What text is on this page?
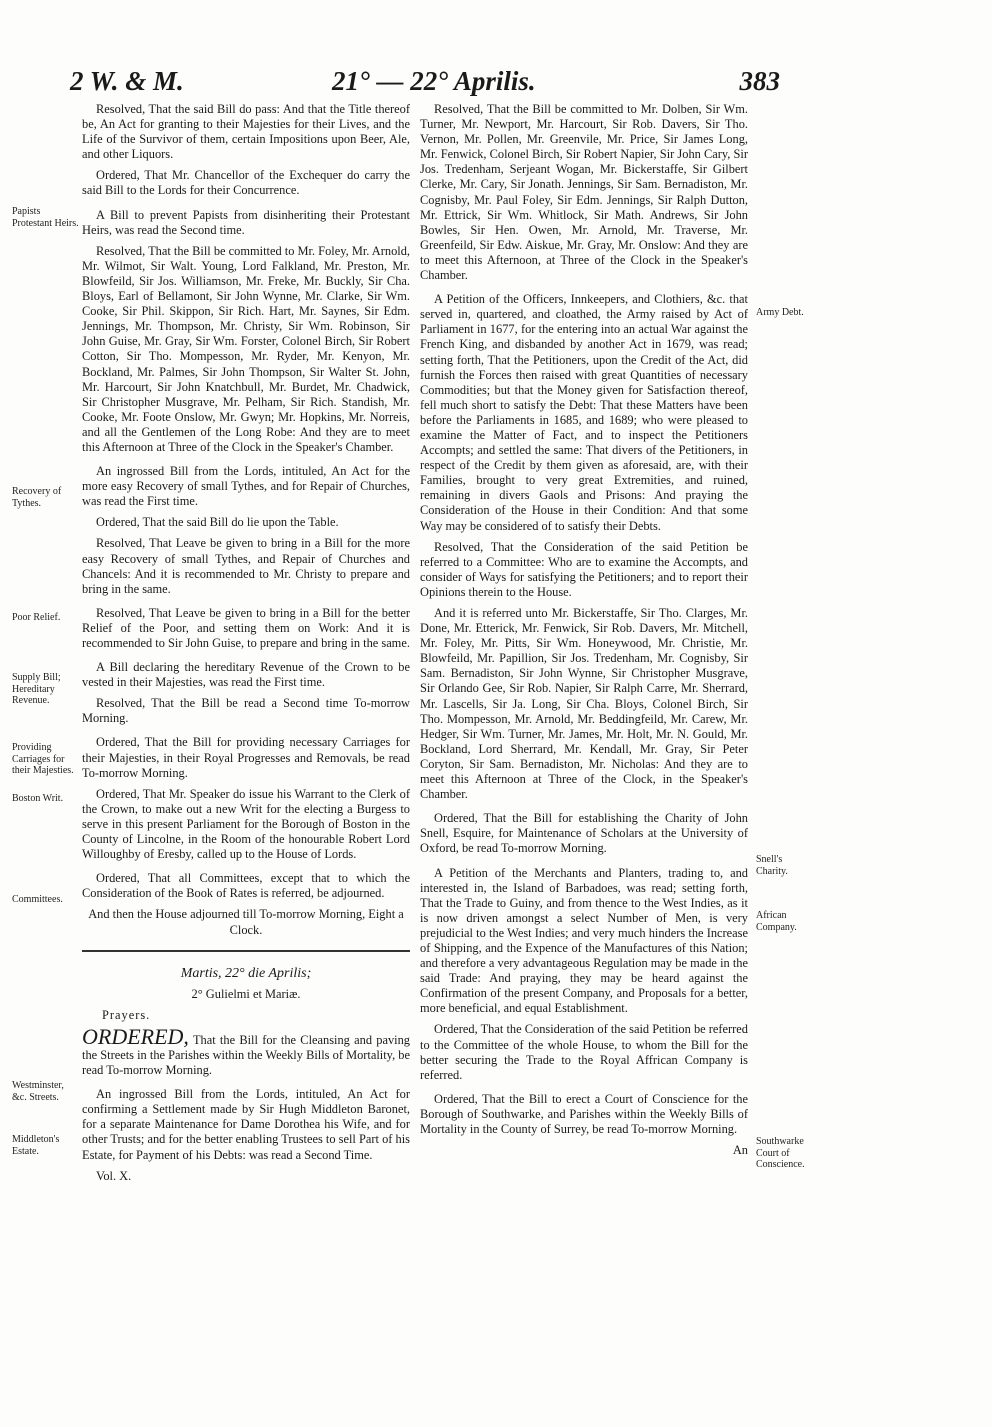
2 W. & M.	21° — 22° Aprilis.	383
Papists Protestant Heirs.
Recovery of Tythes.
Poor Relief.
Supply Bill; Hereditary Revenue.
Providing Carriages for their Majesties.
Boston Writ.
Committees.
Westminster, &c. Streets.
Middleton's Estate.
Army Debt.
Snell's Charity.
African Company.
Southwarke Court of Conscience.

Resolved, That the said Bill do pass: And that the Title thereof be, An Act for granting to their Majesties for their Lives, and the Life of the Survivor of them, certain Impositions upon Beer, Ale, and other Liquors.

Ordered, That Mr. Chancellor of the Exchequer do carry the said Bill to the Lords for their Concurrence.

A Bill to prevent Papists from disinheriting their Protestant Heirs, was read the Second time.

Resolved, That the Bill be committed to Mr. Foley, Mr. Arnold, Mr. Wilmot, Sir Walt. Young, Lord Falkland, Mr. Preston, Mr. Blowfeild, Sir Jos. Williamson, Mr. Freke, Mr. Buckly, Sir Cha. Bloys, Earl of Bellamont, Sir John Wynne, Mr. Clarke, Sir Wm. Cooke, Sir Phil. Skippon, Sir Rich. Hart, Mr. Saynes, Sir Edm. Jennings, Mr. Thompson, Mr. Christy, Sir Wm. Robinson, Sir John Guise, Mr. Gray, Sir Wm. Forster, Colonel Birch, Sir Robert Cotton, Sir Tho. Mompesson, Mr. Ryder, Mr. Kenyon, Mr. Bockland, Mr. Palmes, Sir John Thompson, Sir Walter St. John, Mr. Harcourt, Sir John Knatchbull, Mr. Burdet, Mr. Chadwick, Sir Christopher Musgrave, Mr. Pelham, Sir Rich. Standish, Mr. Cooke, Mr. Foote Onslow, Mr. Gwyn; Mr. Hopkins, Mr. Norreis, and all the Gentlemen of the Long Robe: And they are to meet this Afternoon at Three of the Clock in the Speaker's Chamber.

An ingrossed Bill from the Lords, intituled, An Act for the more easy Recovery of small Tythes, and for Repair of Churches, was read the First time.

Ordered, That the said Bill do lie upon the Table.

Resolved, That Leave be given to bring in a Bill for the more easy Recovery of small Tythes, and Repair of Churches and Chancels: And it is recommended to Mr. Christy to prepare and bring in the same.

Resolved, That Leave be given to bring in a Bill for the better Relief of the Poor, and setting them on Work: And it is recommended to Sir John Guise, to prepare and bring in the same.

A Bill declaring the hereditary Revenue of the Crown to be vested in their Majesties, was read the First time.

Resolved, That the Bill be read a Second time To-morrow Morning.

Ordered, That the Bill for providing necessary Carriages for their Majesties, in their Royal Progresses and Removals, be read To-morrow Morning.

Ordered, That Mr. Speaker do issue his Warrant to the Clerk of the Crown, to make out a new Writ for the electing a Burgess to serve in this present Parliament for the Borough of Boston in the County of Lincolne, in the Room of the honourable Robert Lord Willoughby of Eresby, called up to the House of Lords.

Ordered, That all Committees, except that to which the Consideration of the Book of Rates is referred, be adjourned.

And then the House adjourned till To-morrow Morning, Eight a Clock.

Martis, 22° die Aprilis;

2° Gulielmi et Mariæ.

Prayers.

ORDERED, That the Bill for the Cleansing and paving the Streets in the Parishes within the Weekly Bills of Mortality, be read To-morrow Morning.

An ingrossed Bill from the Lords, intituled, An Act for confirming a Settlement made by Sir Hugh Middleton Baronet, for a separate Maintenance for Dame Dorothea his Wife, and for other Trusts; and for the better enabling Trustees to sell Part of his Estate, for Payment of his Debts: was read a Second Time.

Vol. X.

Resolved, That the Bill be committed to Mr. Dolben, Sir Wm. Turner, Mr. Newport, Mr. Harcourt, Sir Rob. Davers, Sir Tho. Vernon, Mr. Pollen, Mr. Greenvile, Mr. Price, Sir James Long, Mr. Fenwick, Colonel Birch, Sir Robert Napier, Sir John Cary, Sir Jos. Tredenham, Serjeant Wogan, Mr. Bickerstaffe, Sir Gilbert Clerke, Mr. Cary, Sir Jonath. Jennings, Sir Sam. Bernadiston, Mr. Cognisby, Mr. Paul Foley, Sir Edm. Jennings, Sir Ralph Dutton, Mr. Ettrick, Sir Wm. Whitlock, Sir Math. Andrews, Sir John Bowles, Sir Hen. Owen, Mr. Arnold, Mr. Traverse, Mr. Greenfeild, Sir Edw. Aiskue, Mr. Gray, Mr. Onslow: And they are to meet this Afternoon, at Three of the Clock in the Speaker's Chamber.

A Petition of the Officers, Innkeepers, and Clothiers, &c. that served in, quartered, and cloathed, the Army raised by Act of Parliament in 1677, for the entering into an actual War against the French King, and disbanded by another Act in 1679, was read; setting forth, That the Petitioners, upon the Credit of the Act, did furnish the Forces then raised with great Quantities of necessary Commodities; but that the Money given for Satisfaction thereof, fell much short to satisfy the Debt: That these Matters have been before the Parliaments in 1685, and 1689; who were pleased to examine the Matter of Fact, and to inspect the Petitioners Accompts; and settled the same: That divers of the Petitioners, in respect of the Credit by them given as aforesaid, are, with their Families, brought to very great Extremities, and ruined, remaining in divers Gaols and Prisons: And praying the Consideration of the House in their Condition: And that some Way may be considered of to satisfy their Debts.

Resolved, That the Consideration of the said Petition be referred to a Committee: Who are to examine the Accompts, and consider of Ways for satisfying the Petitioners; and to report their Opinions therein to the House.

And it is referred unto Mr. Bickerstaffe, Sir Tho. Clarges, Mr. Done, Mr. Etterick, Mr. Fenwick, Sir Rob. Davers, Mr. Mitchell, Mr. Foley, Mr. Pitts, Sir Wm. Honeywood, Mr. Christie, Mr. Blowfeild, Mr. Papillion, Sir Jos. Tredenham, Mr. Cognisby, Sir Sam. Bernadiston, Sir John Wynne, Sir Christopher Musgrave, Sir Orlando Gee, Sir Rob. Napier, Sir Ralph Carre, Mr. Sherrard, Mr. Lascells, Sir Ja. Long, Sir Cha. Bloys, Colonel Birch, Sir Tho. Mompesson, Mr. Arnold, Mr. Beddingfeild, Mr. Carew, Mr. Hedger, Sir Wm. Turner, Mr. James, Mr. Holt, Mr. N. Gould, Mr. Bockland, Lord Sherrard, Mr. Kendall, Mr. Gray, Sir Peter Coryton, Sir Sam. Bernadiston, Mr. Nicholas: And they are to meet this Afternoon at Three of the Clock, in the Speaker's Chamber.

Ordered, That the Bill for establishing the Charity of John Snell, Esquire, for Maintenance of Scholars at the University of Oxford, be read To-morrow Morning.

A Petition of the Merchants and Planters, trading to, and interested in, the Island of Barbadoes, was read; setting forth, That the Trade to Guiny, and from thence to the West Indies, as it is now driven amongst a select Number of Men, is very prejudicial to the West Indies; and very much hinders the Increase of Shipping, and the Expence of the Manufactures of this Nation; and therefore a very advantageous Regulation may be made in the said Trade: And praying, they may be heard against the Confirmation of the present Company, and Proposals for a better, more beneficial, and equal Establishment.

Ordered, That the Consideration of the said Petition be referred to the Committee of the whole House, to whom the Bill for the better securing the Trade to the Royal Affrican Company is referred.

Ordered, That the Bill to erect a Court of Conscience for the Borough of Southwarke, and Parishes within the Weekly Bills of Mortality in the County of Surrey, be read To-morrow Morning.

An
